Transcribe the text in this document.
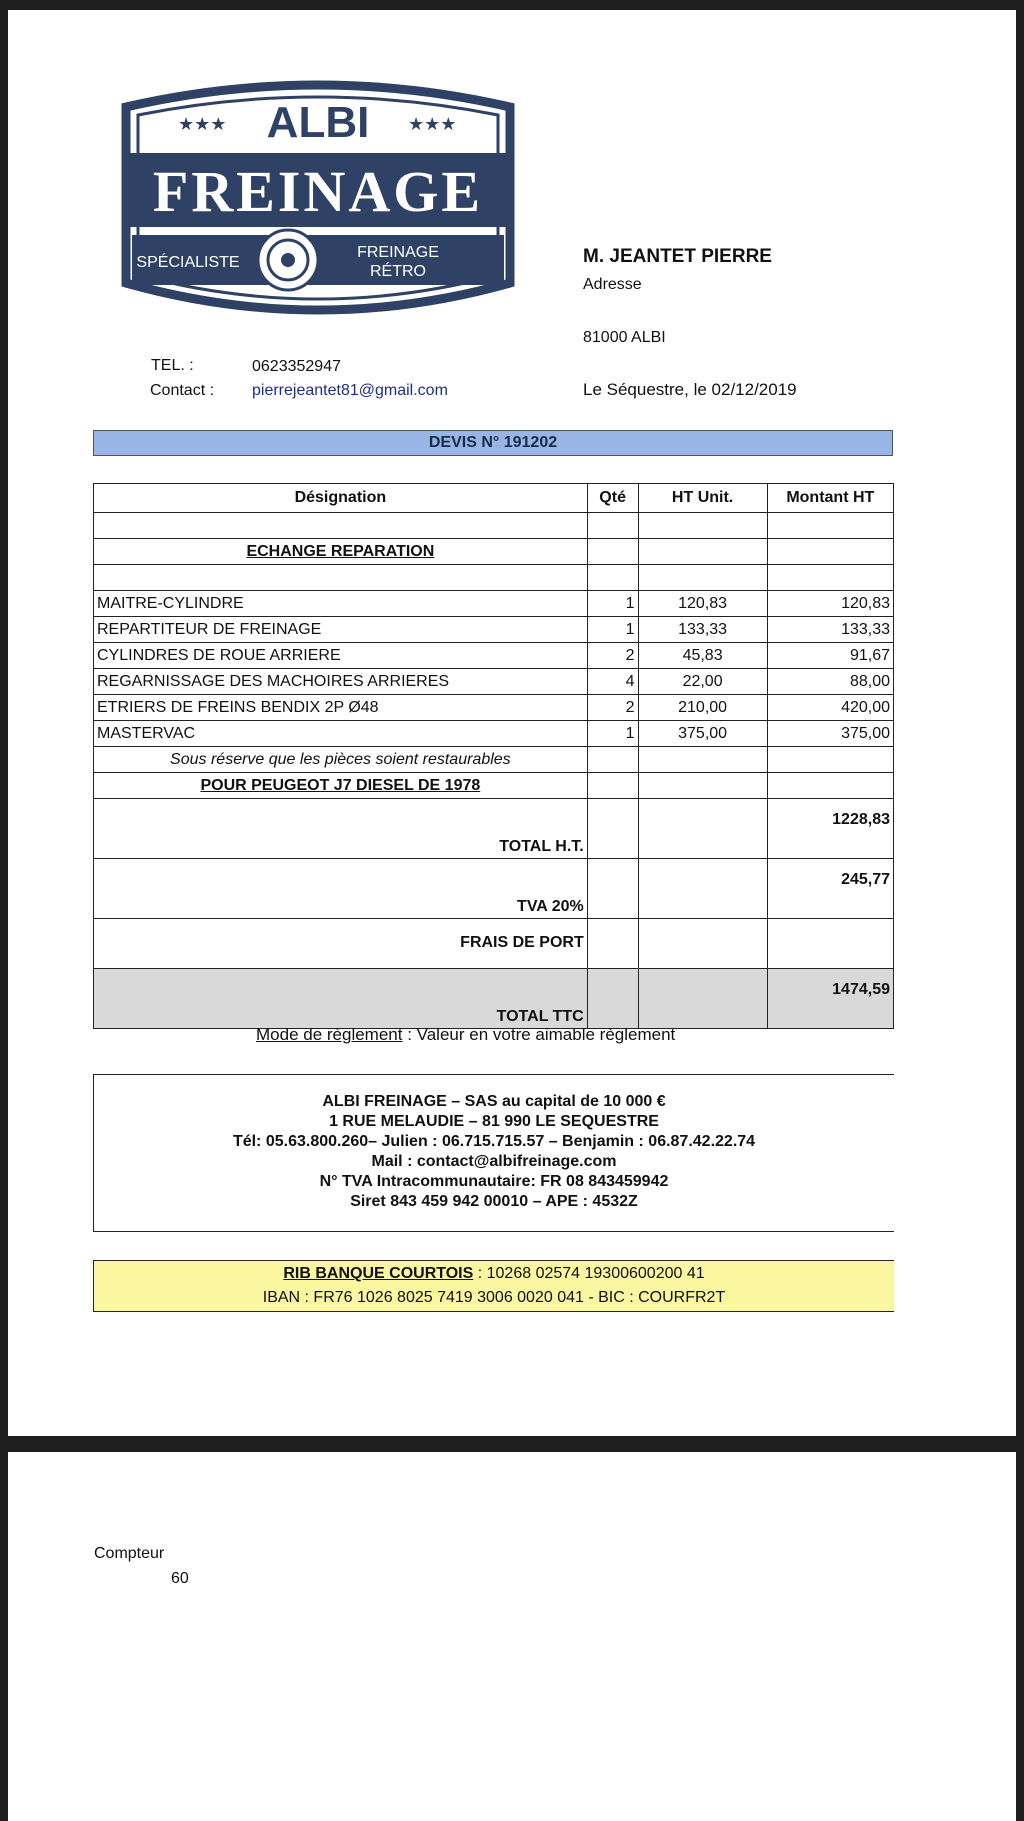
ALBI
★★★	★★★
FREINAGE
SPÉCIALISTE
FREINAGE
RÉTRO
TEL. :	0623352947
Contact : pierrejeantet81@gmail.com
M. JEANTET PIERRE
Adresse
81000 ALBI
Le Séquestre, le 02/12/2019
DEVIS N° 191202
Désignation	Qté	HT Unit.	Montant HT

ECHANGE REPARATION			

MAITRE-CYLINDRE	1	120,83	120,83
REPARTITEUR DE FREINAGE	1	133,33	133,33
CYLINDRES DE ROUE ARRIERE	2	45,83	91,67
REGARNISSAGE DES MACHOIRES ARRIERES	4	22,00	88,00
ETRIERS DE FREINS BENDIX 2P Ø48	2	210,00	420,00
MASTERVAC	1	375,00	375,00
Sous réserve que les pièces soient restaurables			
POUR PEUGEOT J7 DIESEL DE 1978			
TOTAL H.T.			1228,83
TVA 20%			245,77
FRAIS DE PORT			
TOTAL TTC			1474,59
Mode de règlement : Valeur en votre aimable règlement
ALBI FREINAGE – SAS au capital de 10 000 €
1 RUE MELAUDIE – 81 990 LE SEQUESTRE
Tél: 05.63.800.260– Julien : 06.715.715.57 – Benjamin : 06.87.42.22.74
Mail : contact@albifreinage.com
N° TVA Intracommunautaire: FR 08 843459942
Siret 843 459 942 00010 – APE : 4532Z
RIB BANQUE COURTOIS : 10268 02574 19300600200 41
IBAN : FR76 1026 8025 7419 3006 0020 041 - BIC : COURFR2T
Compteur
60
